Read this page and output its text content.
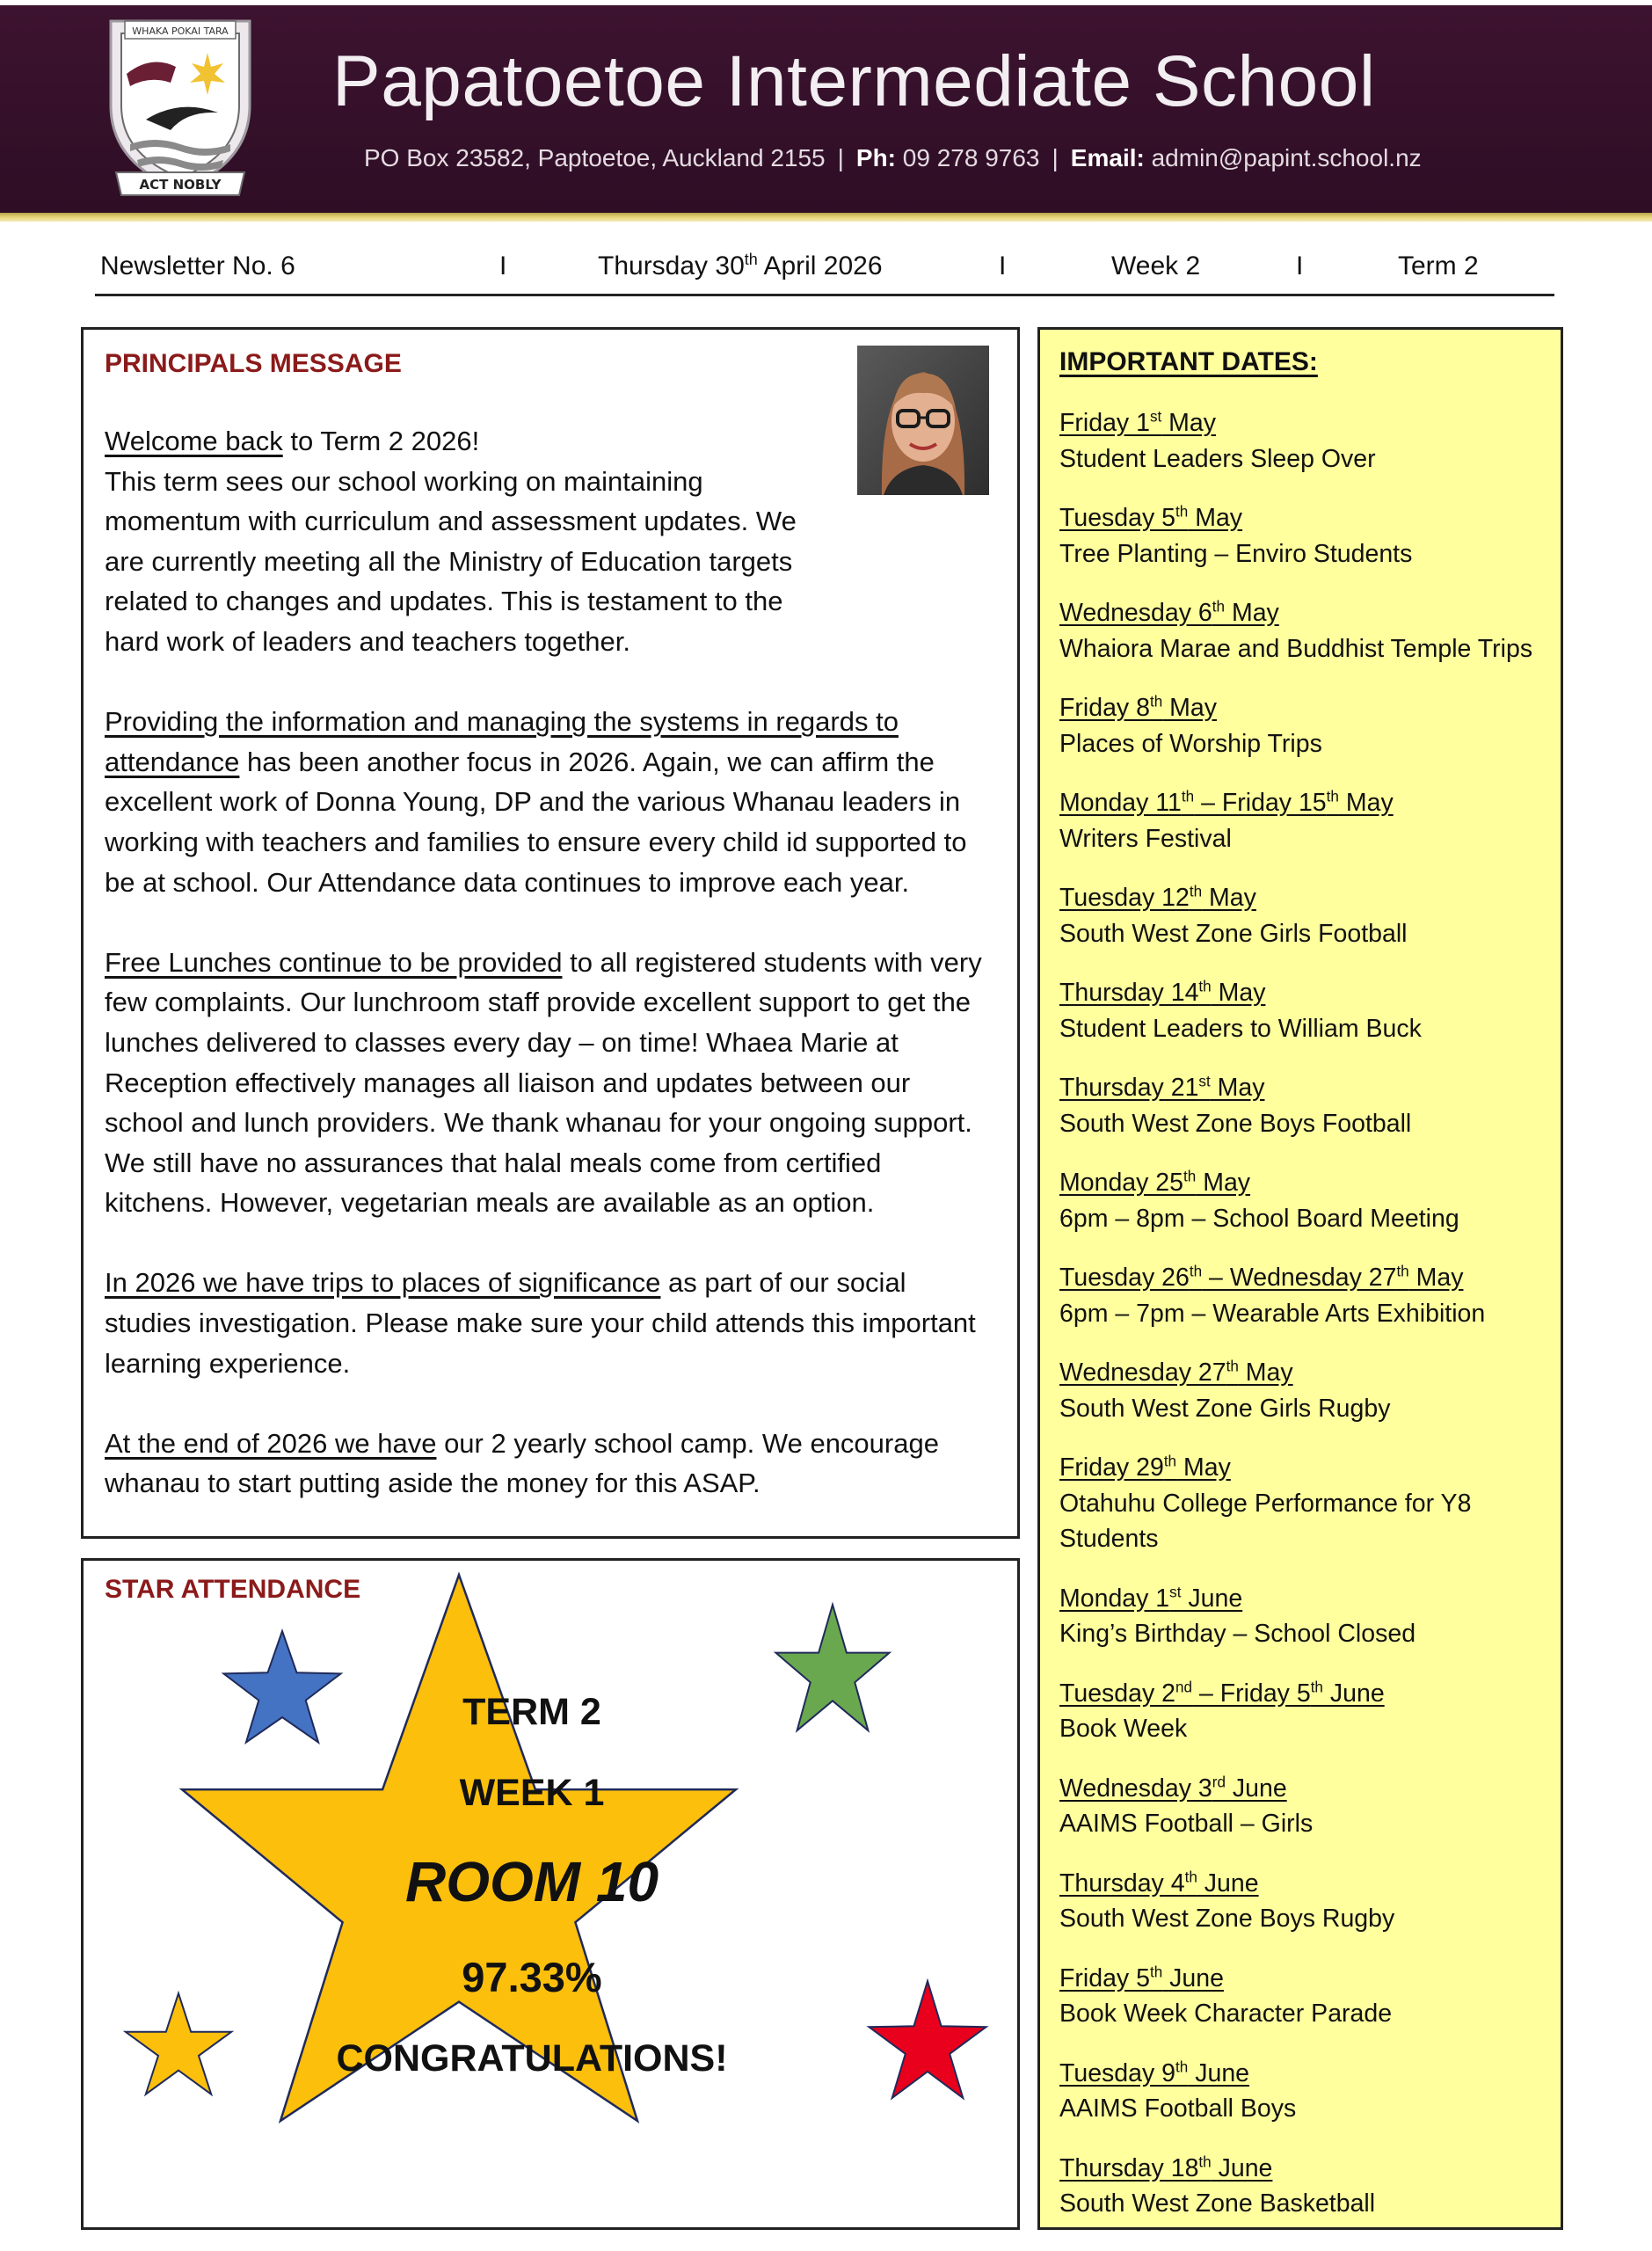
WHAKA POKAI TARA
ACT NOBLY
Papatoetoe Intermediate School
PO Box 23582, Paptoetoe, Auckland 2155 | Ph: 09 278 9763 | Email: admin@papint.school.nz
Newsletter No. 6	I	Thursday 30th April 2026	I	Week 2	I	Term 2
PRINCIPALS MESSAGE

Welcome back to Term 2 2026!
This term sees our school working on maintaining momentum with curriculum and assessment updates. We are currently meeting all the Ministry of Education targets related to changes and updates. This is testament to the hard work of leaders and teachers together.

Providing the information and managing the systems in regards to attendance has been another focus in 2026. Again, we can affirm the excellent work of Donna Young, DP and the various Whanau leaders in working with teachers and families to ensure every child id supported to be at school. Our Attendance data continues to improve each year.

Free Lunches continue to be provided to all registered students with very few complaints. Our lunchroom staff provide excellent support to get the lunches delivered to classes every day – on time! Whaea Marie at Reception effectively manages all liaison and updates between our school and lunch providers. We thank whanau for your ongoing support. We still have no assurances that halal meals come from certified kitchens. However, vegetarian meals are available as an option.

In 2026 we have trips to places of significance as part of our social studies investigation. Please make sure your child attends this important learning experience.

At the end of 2026 we have our 2 yearly school camp. We encourage whanau to start putting aside the money for this ASAP.

STAR ATTENDANCE
TERM 2
WEEK 1
ROOM 10
97.33%
CONGRATULATIONS!
IMPORTANT DATES:
Friday 1st May
Student Leaders Sleep Over
Tuesday 5th May
Tree Planting – Enviro Students
Wednesday 6th May
Whaiora Marae and Buddhist Temple Trips
Friday 8th May
Places of Worship Trips
Monday 11th – Friday 15th May
Writers Festival
Tuesday 12th May
South West Zone Girls Football
Thursday 14th May
Student Leaders to William Buck
Thursday 21st May
South West Zone Boys Football
Monday 25th May
6pm – 8pm – School Board Meeting
Tuesday 26th – Wednesday 27th May
6pm – 7pm – Wearable Arts Exhibition
Wednesday 27th May
South West Zone Girls Rugby
Friday 29th May
Otahuhu College Performance for Y8 Students
Monday 1st June
King’s Birthday – School Closed
Tuesday 2nd – Friday 5th June
Book Week
Wednesday 3rd June
AAIMS Football – Girls
Thursday 4th June
South West Zone Boys Rugby
Friday 5th June
Book Week Character Parade
Tuesday 9th June
AAIMS Football Boys
Thursday 18th June
South West Zone Basketball
